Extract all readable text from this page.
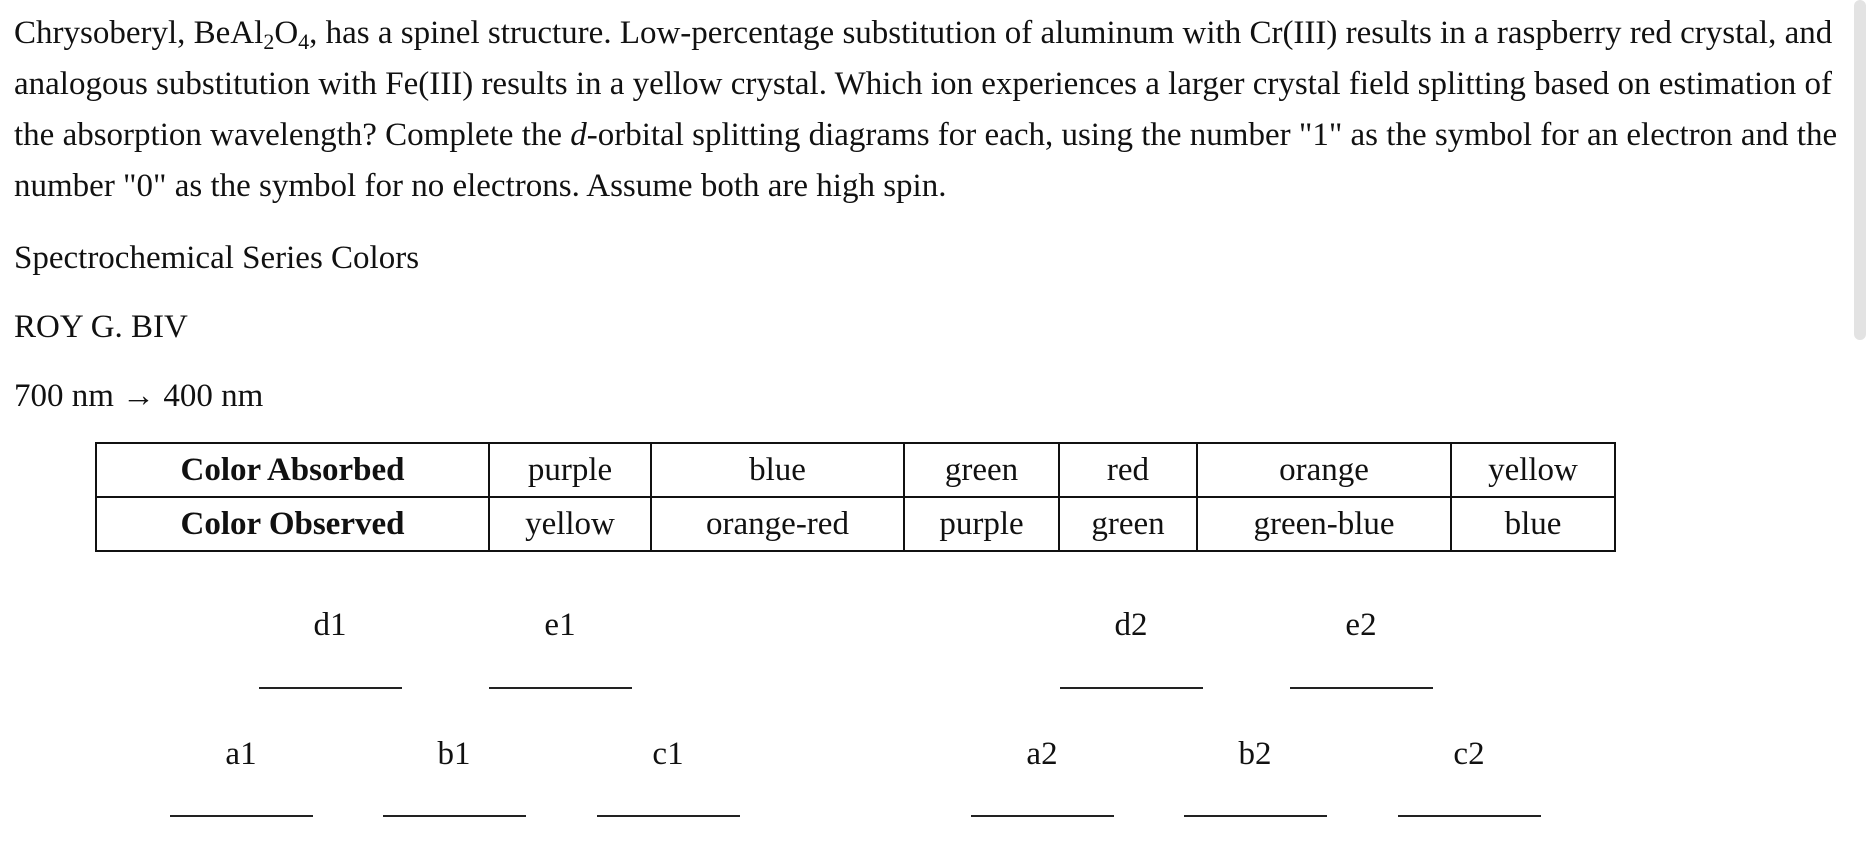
Chrysoberyl, $BeAl_2O_4$, has a spinel structure. Low-percentage substitution of aluminum with Cr(III) results in a raspberry red crystal, and analogous substitution with Fe(III) results in a yellow crystal. Which ion experiences a larger crystal field splitting based on estimation of the absorption wavelength? Complete the d-orbital splitting diagrams for each, using the number "1" as the symbol for an electron and the number "0" as the symbol for no electrons. Assume both are high spin.

Spectrochemical Series Colors

ROY G. BIV

700 nm → 400 nm

Color Absorbed	purple	blue	green	red	orange	yellow
Color Observed	yellow	orange-red	purple	green	green-blue	blue

d1	e1	d2	e2

a1	b1	c1	a2	b2	c2
